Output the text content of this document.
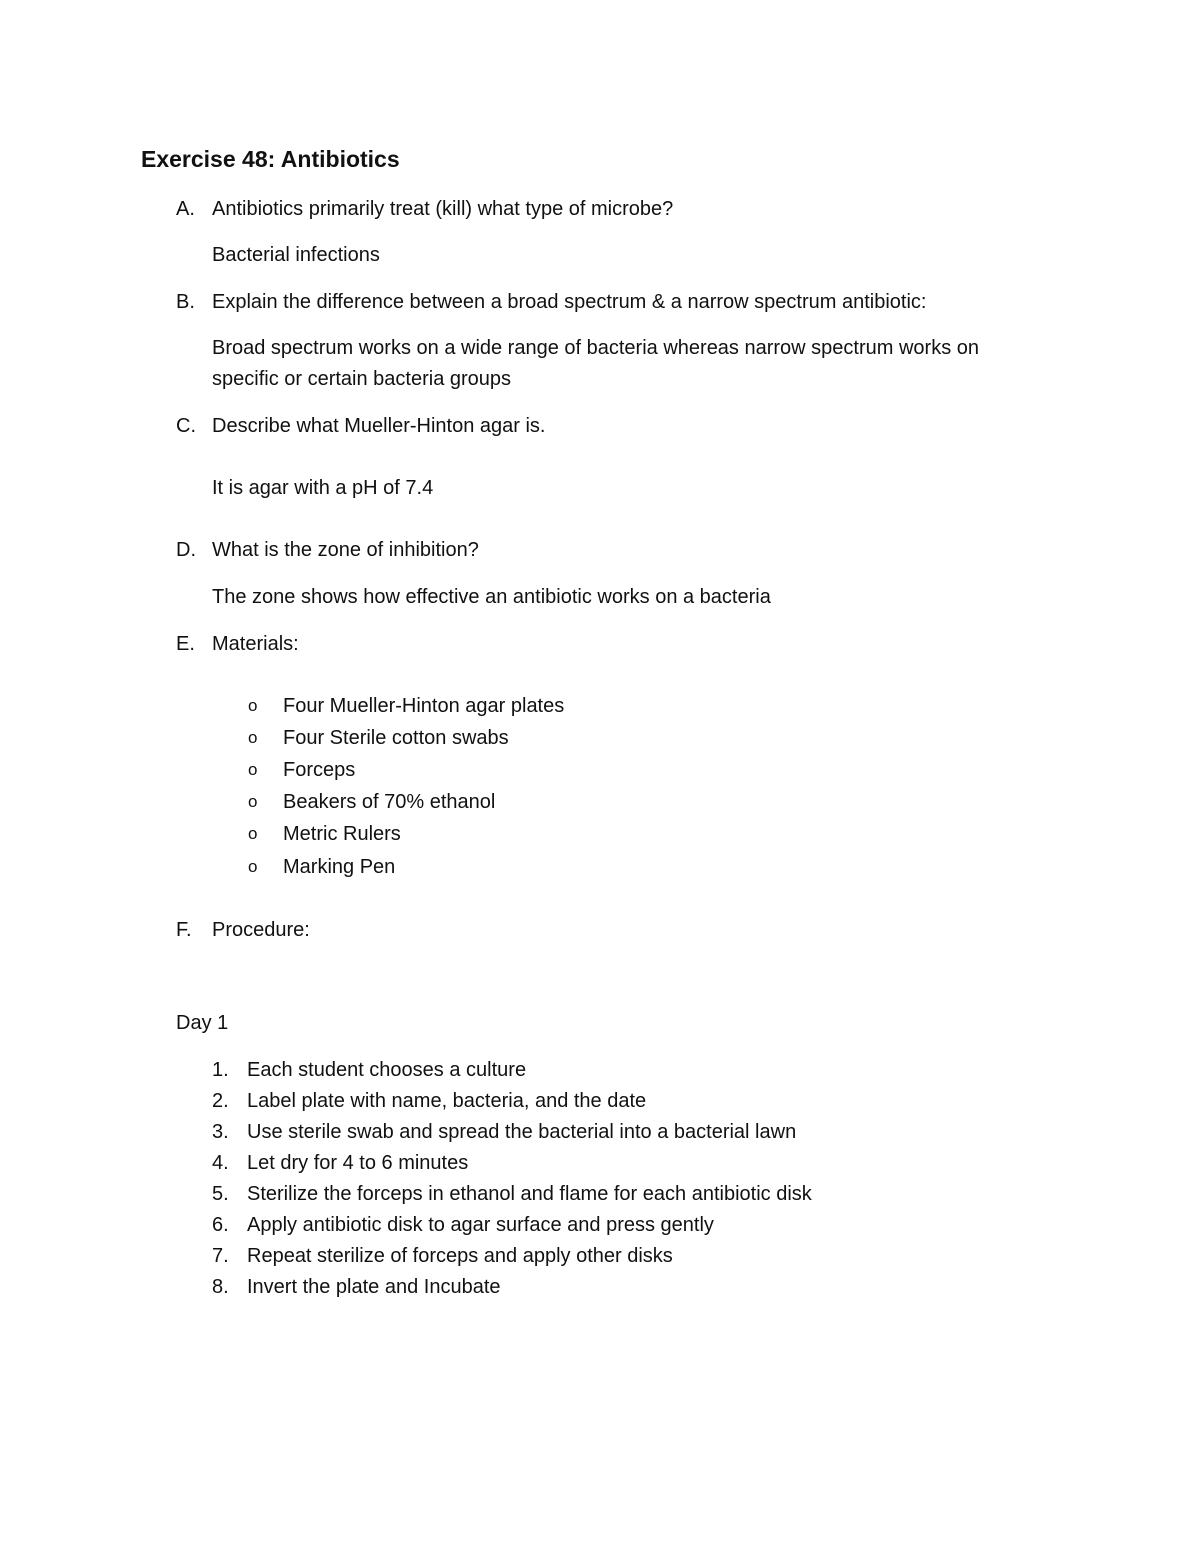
Exercise 48: Antibiotics
A. Antibiotics primarily treat (kill) what type of microbe?
Bacterial infections
B. Explain the difference between a broad spectrum & a narrow spectrum antibiotic:
Broad spectrum works on a wide range of bacteria whereas narrow spectrum works on
specific or certain bacteria groups
C. Describe what Mueller-Hinton agar is.
It is agar with a pH of 7.4
D. What is the zone of inhibition?
The zone shows how effective an antibiotic works on a bacteria
E. Materials:
o Four Mueller-Hinton agar plates
o Four Sterile cotton swabs
o Forceps
o Beakers of 70% ethanol
o Metric Rulers
o Marking Pen
F. Procedure:
Day 1
1. Each student chooses a culture
2. Label plate with name, bacteria, and the date
3. Use sterile swab and spread the bacterial into a bacterial lawn
4. Let dry for 4 to 6 minutes
5. Sterilize the forceps in ethanol and flame for each antibiotic disk
6. Apply antibiotic disk to agar surface and press gently
7. Repeat sterilize of forceps and apply other disks
8. Invert the plate and Incubate
